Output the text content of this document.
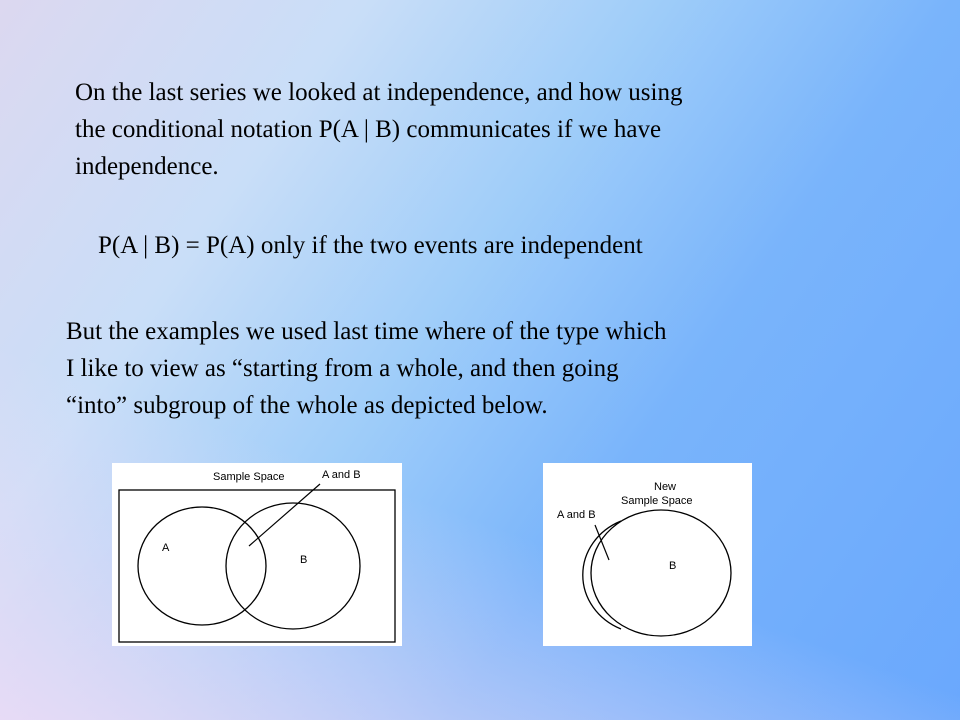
On the last series we looked at independence, and how using
the conditional notation P(A | B) communicates if we have
independence.
P(A | B) = P(A) only if the two events are independent
But the examples we used last time where of the type which
I like to view as “starting from a whole, and then going
“into” subgroup of the whole as depicted below.
Sample Space	A and B
A
B
New
Sample Space
A and B
B
